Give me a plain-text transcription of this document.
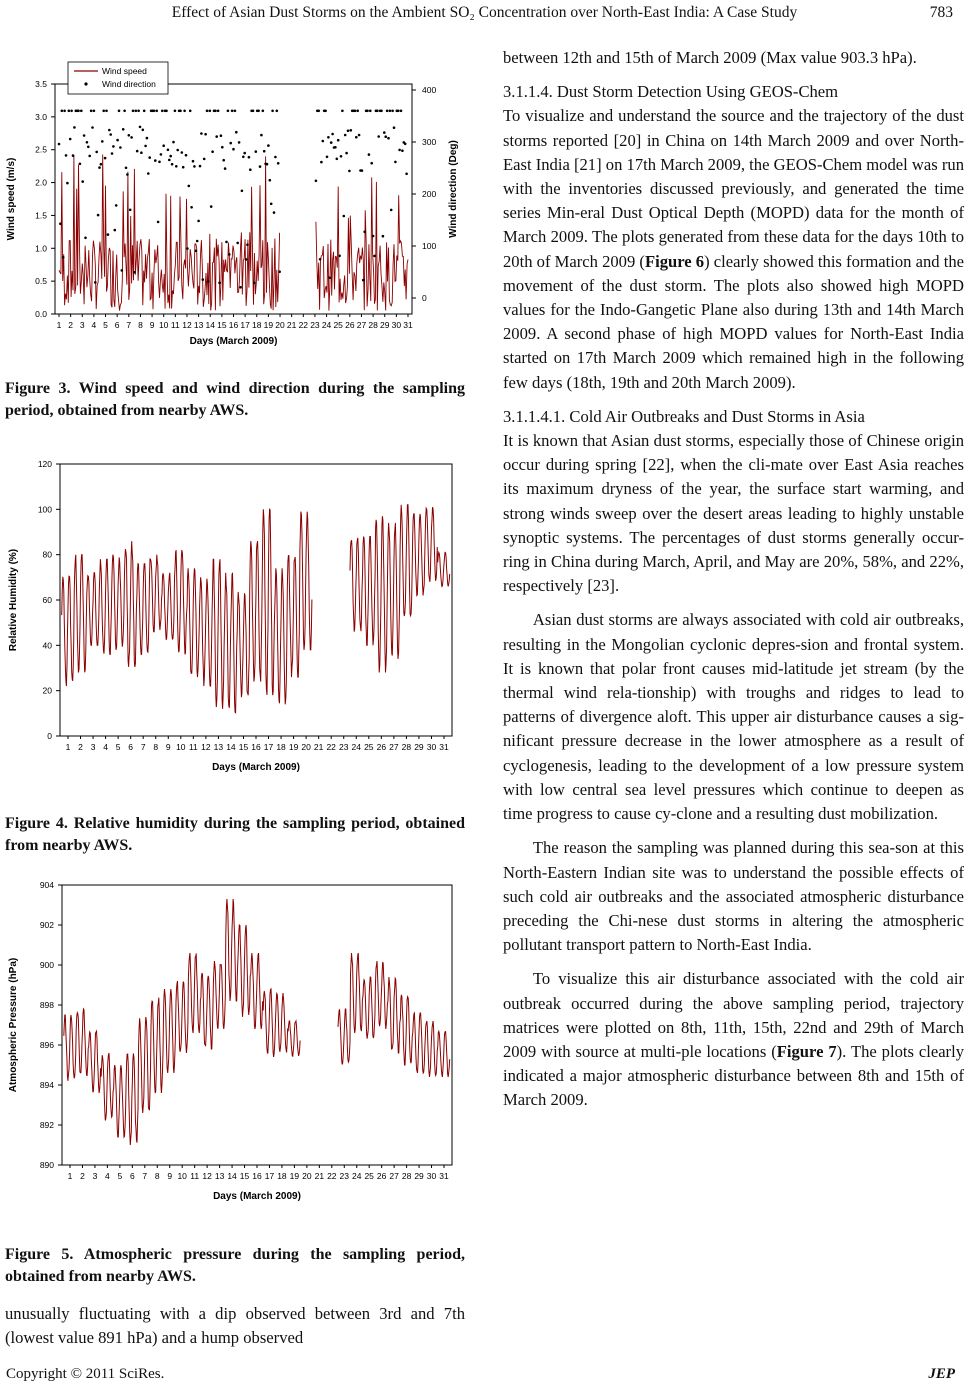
Effect of Asian Dust Storms on the Ambient SO₂ Concentration over North-East India: A Case Study	783
0.0
0.5
1.0
1.5
2.0
2.5
3.0
3.5
1 2 3 4 5 6 7 8 9 10 11 12 13 14 15 16 17 18 19 20 21 22 23 24 25 26 27 28 29 30 31
Days (March 2009)
Wind speed (m/s)
0
100
200
300
400
Wind direction (Deg)
Wind speed
Wind direction
Figure 3. Wind speed and wind direction during the sampling period, obtained from nearby AWS.
0
20
40
60
80
100
120
1 2 3 4 5 6 7 8 9 10 11 12 13 14 15 16 17 18 19 20 21 22 23 24 25 26 27 28 29 30 31
Days (March 2009)
Relative Humidity (%)
Figure 4. Relative humidity during the sampling period, obtained from nearby AWS.
890
892
894
896
898
900
902
904
1 2 3 4 5 6 7 8 9 10 11 12 13 14 15 16 17 18 19 20 21 22 23 24 25 26 27 28 29 30 31
Days (March 2009)
Atmospheric Pressure (hPa)
Figure 5. Atmospheric pressure during the sampling period, obtained from nearby AWS.

unusually fluctuating with a dip observed between 3rd and 7th (lowest value 891 hPa) and a hump observed

between 12th and 15th of March 2009 (Max value 903.3 hPa).

3.1.1.4. Dust Storm Detection Using GEOS-Chem

To visualize and understand the source and the trajectory of the dust storms reported [20] in China on 14th March 2009 and over North-East India [21] on 17th March 2009, the GEOS-Chem model was run with the inventories discussed previously, and generated the time series Min-eral Dust Optical Depth (MOPD) data for the month of March 2009. The plots generated from these data for the days 10th to 20th of March 2009 (Figure 6) clearly showed this formation and the movement of the dust storm. The plots also showed high MOPD values for the Indo-Gangetic Plane also during 13th and 14th March 2009. A second phase of high MOPD values for North-East India started on 17th March 2009 which remained high in the following few days (18th, 19th and 20th March 2009).

3.1.1.4.1. Cold Air Outbreaks and Dust Storms in Asia

It is known that Asian dust storms, especially those of Chinese origin occur during spring [22], when the cli-mate over East Asia reaches its maximum dryness of the year, the surface start warming, and strong winds sweep over the desert areas leading to highly unstable synoptic systems. The percentages of dust storms generally occur-ring in China during March, April, and May are 20%, 58%, and 22%, respectively [23].

Asian dust storms are always associated with cold air outbreaks, resulting in the Mongolian cyclonic depres-sion and frontal system. It is known that polar front causes mid-latitude jet stream (by the thermal wind rela-tionship) with troughs and ridges to lead to patterns of divergence aloft. This upper air disturbance causes a sig-nificant pressure decrease in the lower atmosphere as a result of cyclogenesis, leading to the development of a low pressure system with low central sea level pressures which continue to deepen as time progress to cause cy-clone and a resulting dust mobilization.

The reason the sampling was planned during this sea-son at this North-Eastern Indian site was to understand the possible effects of such cold air outbreaks and the associated atmospheric disturbance preceding the Chi-nese dust storms in altering the atmospheric pollutant transport pattern to North-East India.

To visualize this air disturbance associated with the cold air outbreak occurred during the above sampling period, trajectory matrices were plotted on 8th, 11th, 15th, 22nd and 29th of March 2009 with source at multi-ple locations (Figure 7). The plots clearly indicated a major atmospheric disturbance between 8th and 15th of March 2009.

Copyright © 2011 SciRes.	JEP
